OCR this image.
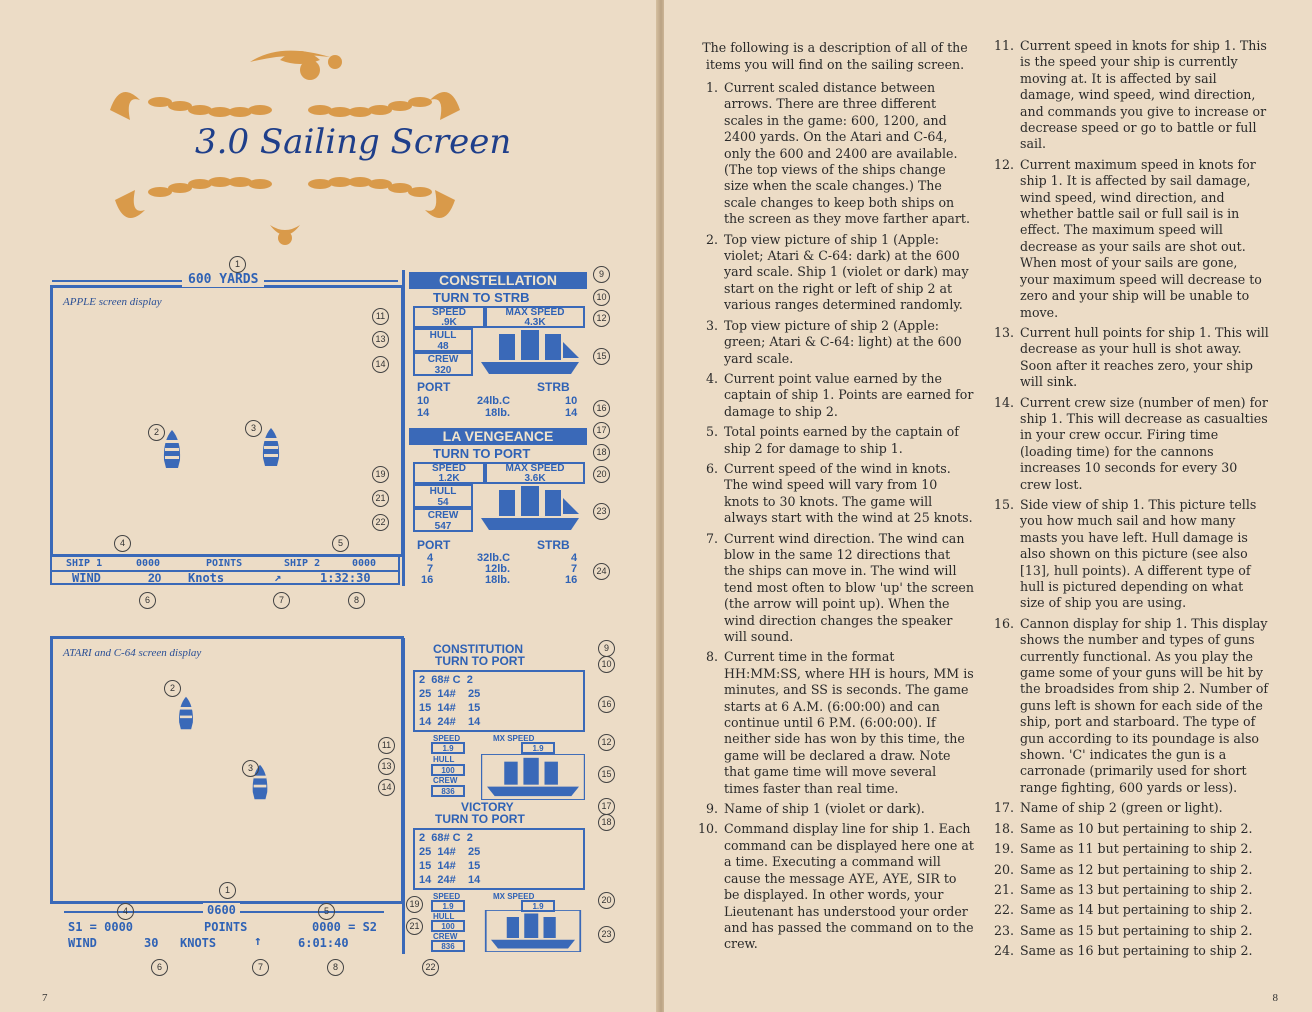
3.0 Sailing Screen
APPLE screen display
600 YARDS
SHIP 1	0000	POINTS	SHIP 2	0000
WIND	20 Knots	↗	1:32:30
CONSTELLATION
TURN TO STRB
SPEED
.9K
MAX SPEED
4.3K
HULL
48
CREW
320
PORT	STRB
10	24lb.C	10
14	18lb.	14
LA VENGEANCE
TURN TO PORT
SPEED
1.2K
MAX SPEED
3.6K
HULL
54
CREW
547
PORT	STRB
4	32lb.C	4
7	12lb.	7
16	18lb.	16
1
2	3
4	5
6	7	8
9
10
11	12
13
14
15
16
17
18
19	20
21
22
23
24
ATARI and C-64 screen display
0600
S1 = 0000	POINTS	0000 = S2
WIND	30 KNOTS	↑	6:01:40
CONSTITUTION
TURN TO PORT
2 68# C 2
25 14# 25
15 14# 15
14 24# 14
SPEED	MX SPEED
1.9	1.9
HULL
100
CREW
836
VICTORY
TURN TO PORT
2 68# C 2
25 14# 25
15 14# 15
14 24# 14
SPEED	MX SPEED
1.9	1.9
HULL
100
CREW
836
1
2
3
4	5
6	7	8
9
10
11	12
13
14
15
16
17
18
19	20
21
22
23
7
The following is a description of all of the items you will find on the sailing screen.
1. Current scaled distance between arrows. There are three different scales in the game: 600, 1200, and 2400 yards. On the Atari and C-64, only the 600 and 2400 are available. (The top views of the ships change size when the scale changes.) The scale changes to keep both ships on the screen as they move farther apart.
2. Top view picture of ship 1 (Apple: violet; Atari & C-64: dark) at the 600 yard scale. Ship 1 (violet or dark) may start on the right or left of ship 2 at various ranges determined randomly.
3. Top view picture of ship 2 (Apple: green; Atari & C-64: light) at the 600 yard scale.
4. Current point value earned by the captain of ship 1. Points are earned for damage to ship 2.
5. Total points earned by the captain of ship 2 for damage to ship 1.
6. Current speed of the wind in knots. The wind speed will vary from 10 knots to 30 knots. The game will always start with the wind at 25 knots.
7. Current wind direction. The wind can blow in the same 12 directions that the ships can move in. The wind will tend most often to blow 'up' the screen (the arrow will point up). When the wind direction changes the speaker will sound.
8. Current time in the format HH:MM:SS, where HH is hours, MM is minutes, and SS is seconds. The game starts at 6 A.M. (6:00:00) and can continue until 6 P.M. (6:00:00). If neither side has won by this time, the game will be declared a draw. Note that game time will move several times faster than real time.
9. Name of ship 1 (violet or dark).
10. Command display line for ship 1. Each command can be displayed here one at a time. Executing a command will cause the message AYE, AYE, SIR to be displayed. In other words, your Lieutenant has understood your order and has passed the command on to the crew.
11. Current speed in knots for ship 1. This is the speed your ship is currently moving at. It is affected by sail damage, wind speed, wind direction, and commands you give to increase or decrease speed or go to battle or full sail.
12. Current maximum speed in knots for ship 1. It is affected by sail damage, wind speed, wind direction, and whether battle sail or full sail is in effect. The maximum speed will decrease as your sails are shot out. When most of your sails are gone, your maximum speed will decrease to zero and your ship will be unable to move.
13. Current hull points for ship 1. This will decrease as your hull is shot away. Soon after it reaches zero, your ship will sink.
14. Current crew size (number of men) for ship 1. This will decrease as casualties in your crew occur. Firing time (loading time) for the cannons increases 10 seconds for every 30 crew lost.
15. Side view of ship 1. This picture tells you how much sail and how many masts you have left. Hull damage is also shown on this picture (see also [13], hull points). A different type of hull is pictured depending on what size of ship you are using.
16. Cannon display for ship 1. This display shows the number and types of guns currently functional. As you play the game some of your guns will be hit by the broadsides from ship 2. Number of guns left is shown for each side of the ship, port and starboard. The type of gun according to its poundage is also shown. 'C' indicates the gun is a carronade (primarily used for short range fighting, 600 yards or less).
17. Name of ship 2 (green or light).
18. Same as 10 but pertaining to ship 2.
19. Same as 11 but pertaining to ship 2.
20. Same as 12 but pertaining to ship 2.
21. Same as 13 but pertaining to ship 2.
22. Same as 14 but pertaining to ship 2.
23. Same as 15 but pertaining to ship 2.
24. Same as 16 but pertaining to ship 2.
8
